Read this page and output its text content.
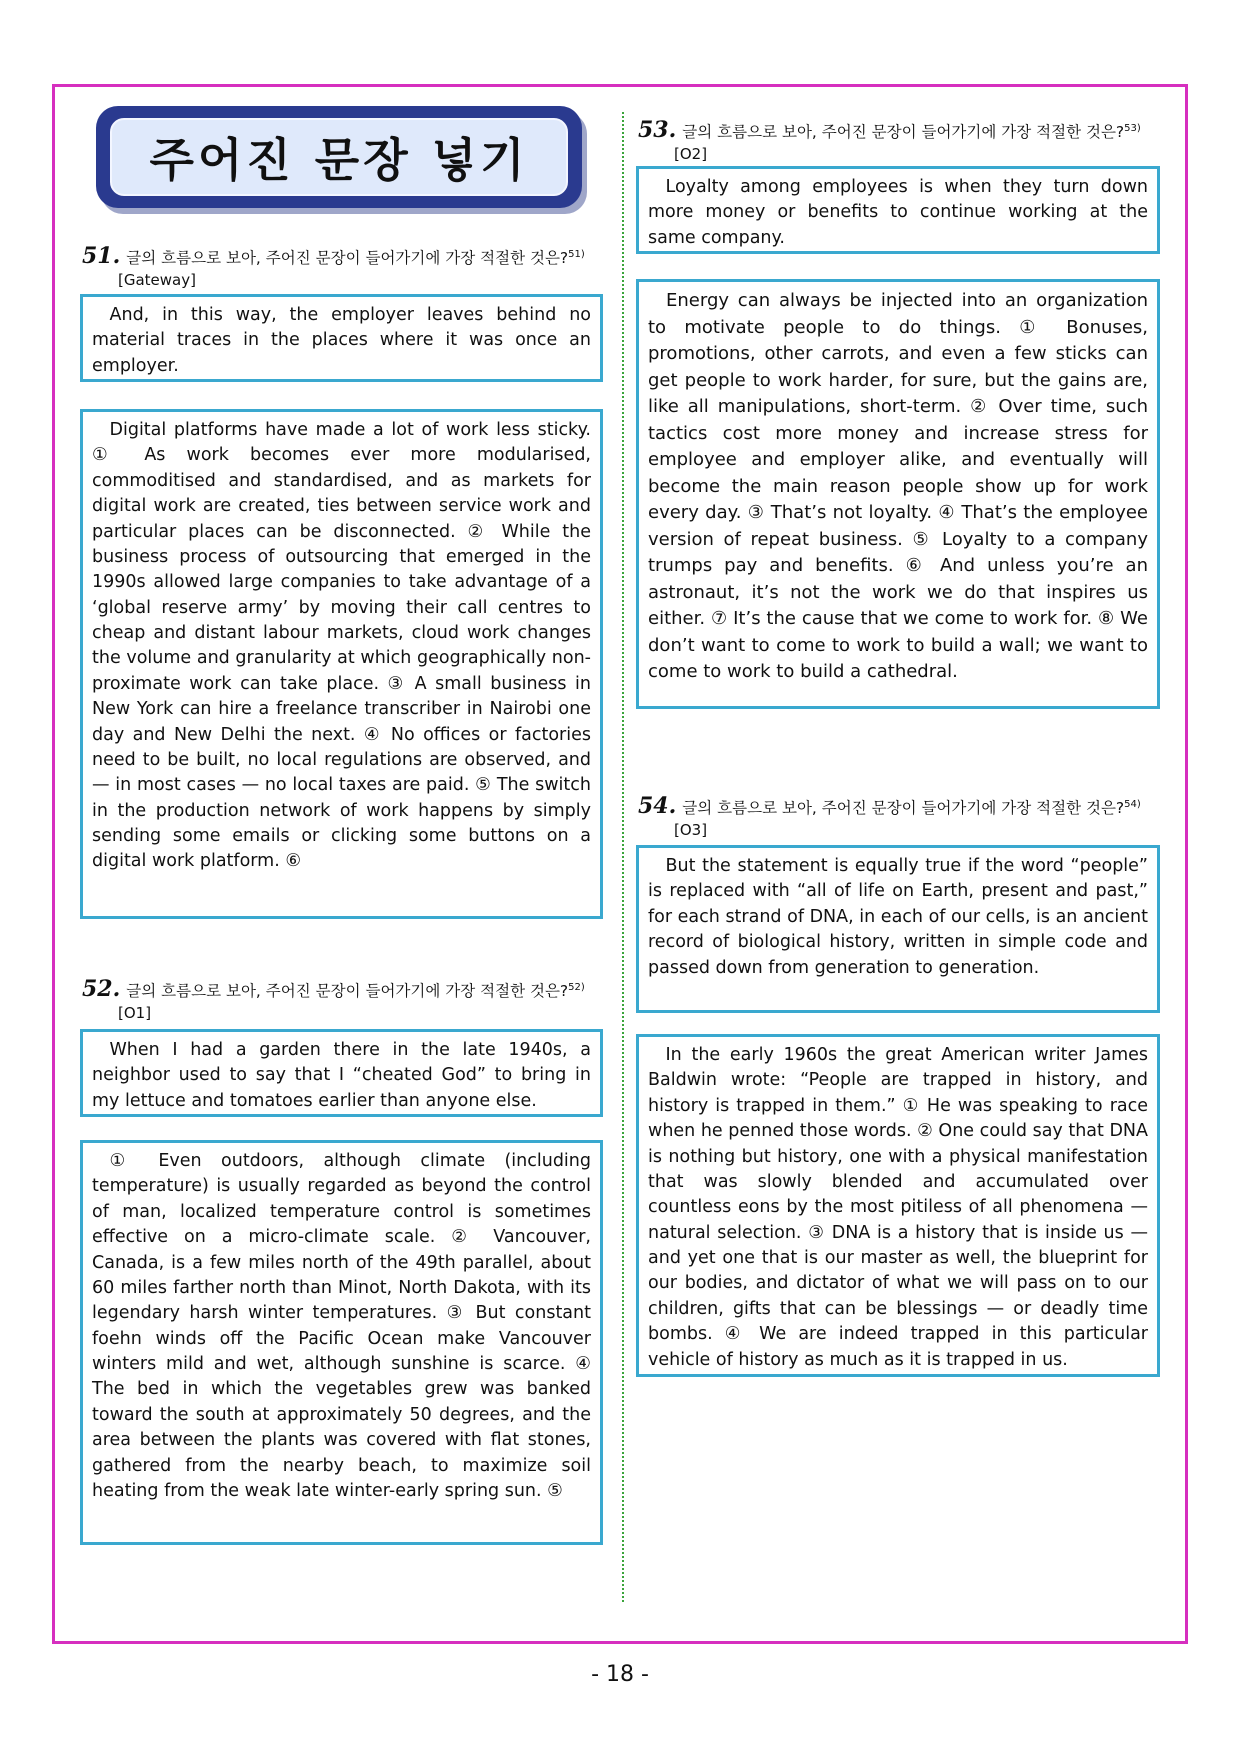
주어진 문장 넣기
51. 글의 흐름으로 보아, 주어진 문장이 들어가기에 가장 적절한 것은?$^{51)}$
[Gateway]
And, in this way, the employer leaves behind no material traces in the places where it was once an employer.
Digital platforms have made a lot of work less sticky. ① As work becomes ever more modularised, commoditised and standardised, and as markets for digital work are created, ties between service work and particular places can be disconnected. ② While the business process of outsourcing that emerged in the 1990s allowed large companies to take advantage of a ‘global reserve army’ by moving their call centres to cheap and distant labour markets, cloud work changes the volume and granularity at which geographically non-proximate work can take place. ③ A small business in New York can hire a freelance transcriber in Nairobi one day and New Delhi the next. ④ No offices or factories need to be built, no local regulations are observed, and — in most cases — no local taxes are paid. ⑤ The switch in the production network of work happens by simply sending some emails or clicking some buttons on a digital work platform. ⑥
52. 글의 흐름으로 보아, 주어진 문장이 들어가기에 가장 적절한 것은?$^{52)}$
[O1]
When I had a garden there in the late 1940s, a neighbor used to say that I “cheated God” to bring in my lettuce and tomatoes earlier than anyone else.
① Even outdoors, although climate (including temperature) is usually regarded as beyond the control of man, localized temperature control is sometimes effective on a micro-climate scale. ② Vancouver, Canada, is a few miles north of the 49th parallel, about 60 miles farther north than Minot, North Dakota, with its legendary harsh winter temperatures. ③ But constant foehn winds off the Pacific Ocean make Vancouver winters mild and wet, although sunshine is scarce. ④ The bed in which the vegetables grew was banked toward the south at approximately 50 degrees, and the area between the plants was covered with flat stones, gathered from the nearby beach, to maximize soil heating from the weak late winter-early spring sun. ⑤
53. 글의 흐름으로 보아, 주어진 문장이 들어가기에 가장 적절한 것은?$^{53)}$
[O2]
Loyalty among employees is when they turn down more money or benefits to continue working at the same company.
Energy can always be injected into an organization to motivate people to do things. ① Bonuses, promotions, other carrots, and even a few sticks can get people to work harder, for sure, but the gains are, like all manipulations, short-term. ② Over time, such tactics cost more money and increase stress for employee and employer alike, and eventually will become the main reason people show up for work every day. ③ That’s not loyalty. ④ That’s the employee version of repeat business. ⑤ Loyalty to a company trumps pay and benefits. ⑥ And unless you’re an astronaut, it’s not the work we do that inspires us either. ⑦ It’s the cause that we come to work for. ⑧ We don’t want to come to work to build a wall; we want to come to work to build a cathedral.
54. 글의 흐름으로 보아, 주어진 문장이 들어가기에 가장 적절한 것은?$^{54)}$
[O3]
But the statement is equally true if the word “people” is replaced with “all of life on Earth, present and past,” for each strand of DNA, in each of our cells, is an ancient record of biological history, written in simple code and passed down from generation to generation.
In the early 1960s the great American writer James Baldwin wrote: “People are trapped in history, and history is trapped in them.” ① He was speaking to race when he penned those words. ② One could say that DNA is nothing but history, one with a physical manifestation that was slowly blended and accumulated over countless eons by the most pitiless of all phenomena — natural selection. ③ DNA is a history that is inside us — and yet one that is our master as well, the blueprint for our bodies, and dictator of what we will pass on to our children, gifts that can be blessings — or deadly time bombs. ④ We are indeed trapped in this particular vehicle of history as much as it is trapped in us.
- 18 -
